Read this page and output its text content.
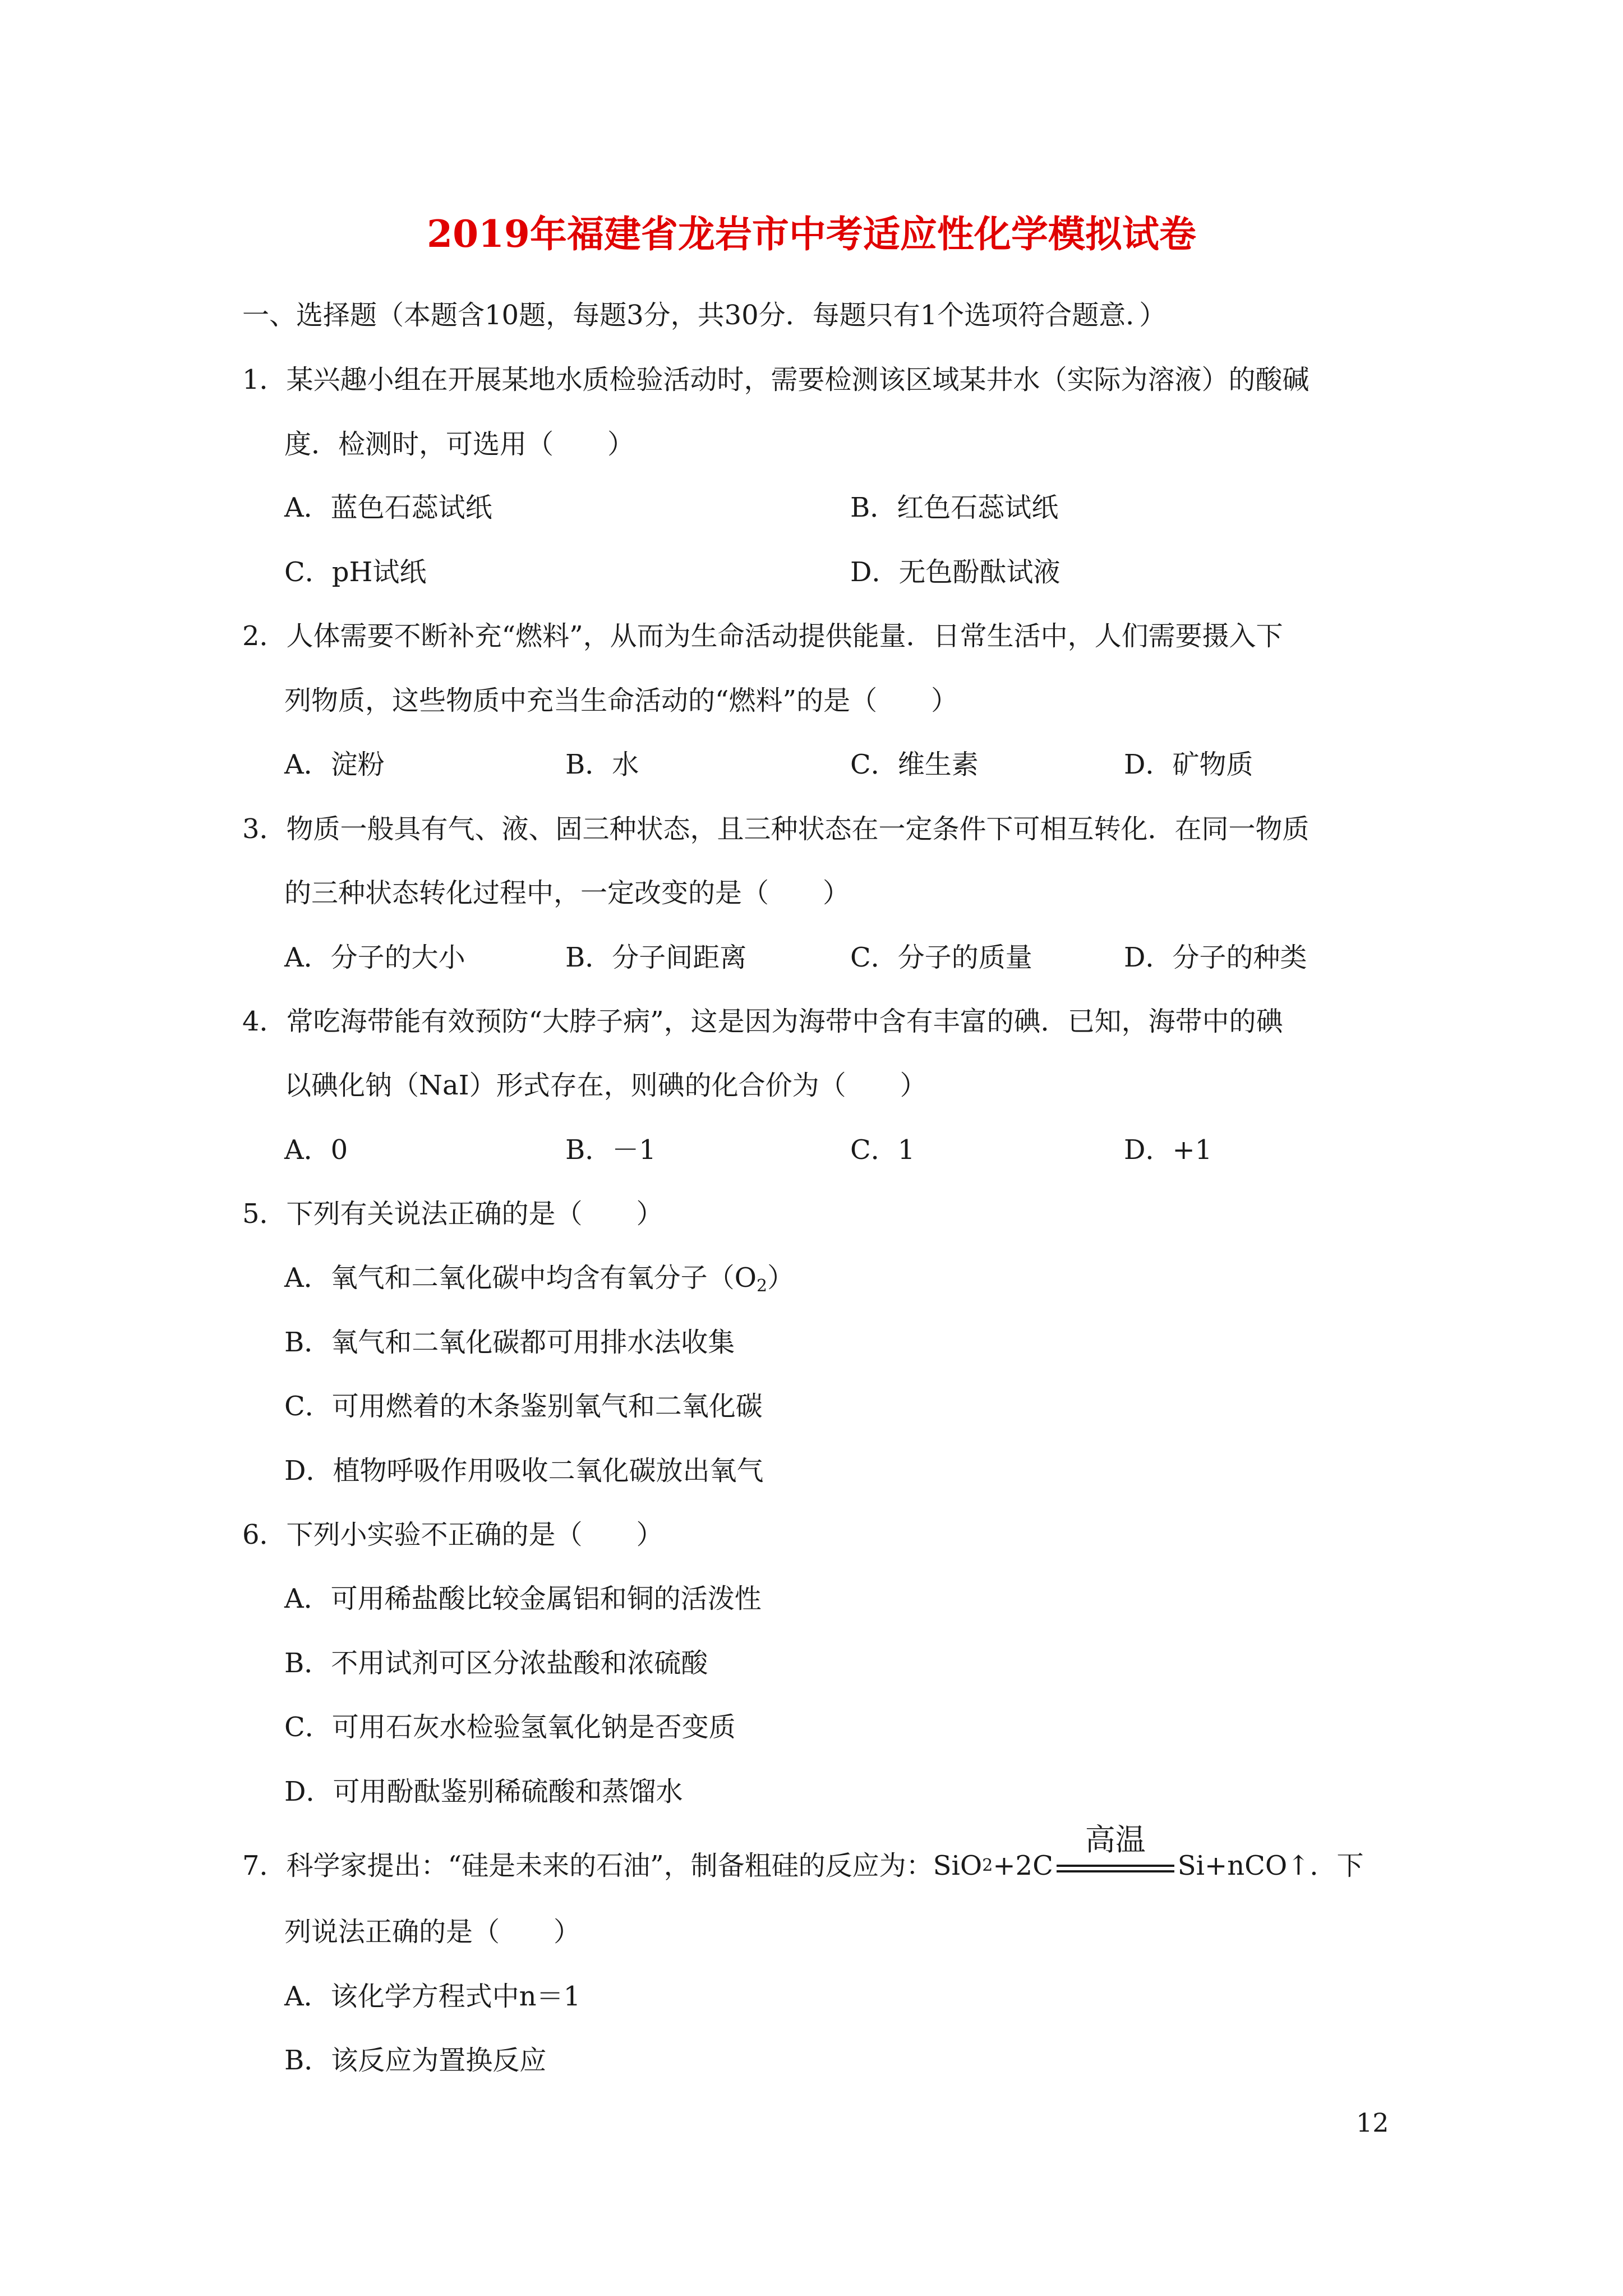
2019年福建省龙岩市中考适应性化学模拟试卷
一、选择题（本题含10题，每题3分，共30分．每题只有1个选项符合题意．）
1．某兴趣小组在开展某地水质检验活动时，需要检测该区域某井水（实际为溶液）的酸碱
度．检测时，可选用（　　）
A．蓝色石蕊试纸	B．红色石蕊试纸
C．pH试纸	D．无色酚酞试液
2．人体需要不断补充“燃料”，从而为生命活动提供能量．日常生活中，人们需要摄入下
列物质，这些物质中充当生命活动的“燃料”的是（　　）
A．淀粉	B．水	C．维生素	D．矿物质
3．物质一般具有气、液、固三种状态，且三种状态在一定条件下可相互转化．在同一物质
的三种状态转化过程中，一定改变的是（　　）
A．分子的大小	B．分子间距离	C．分子的质量	D．分子的种类
4．常吃海带能有效预防“大脖子病”，这是因为海带中含有丰富的碘．已知，海带中的碘
以碘化钠（NaI）形式存在，则碘的化合价为（　　）
A．0	B．－1	C．1	D．+1
5．下列有关说法正确的是（　　）
A．氧气和二氧化碳中均含有氧分子$(O_2)$
B．氧气和二氧化碳都可用排水法收集
C．可用燃着的木条鉴别氧气和二氧化碳
D．植物呼吸作用吸收二氧化碳放出氧气
6．下列小实验不正确的是（　　）
A．可用稀盐酸比较金属铝和铜的活泼性
B．不用试剂可区分浓盐酸和浓硫酸
C．可用石灰水检验氢氧化钠是否变质
D．可用酚酞鉴别稀硫酸和蒸馏水
7．科学家提出：“硅是未来的石油”，制备粗硅的反应为：SiO 2 +2C
高温
Si+nCO↑．下
列说法正确的是（　　）
A．该化学方程式中n＝1
B．该反应为置换反应
12
